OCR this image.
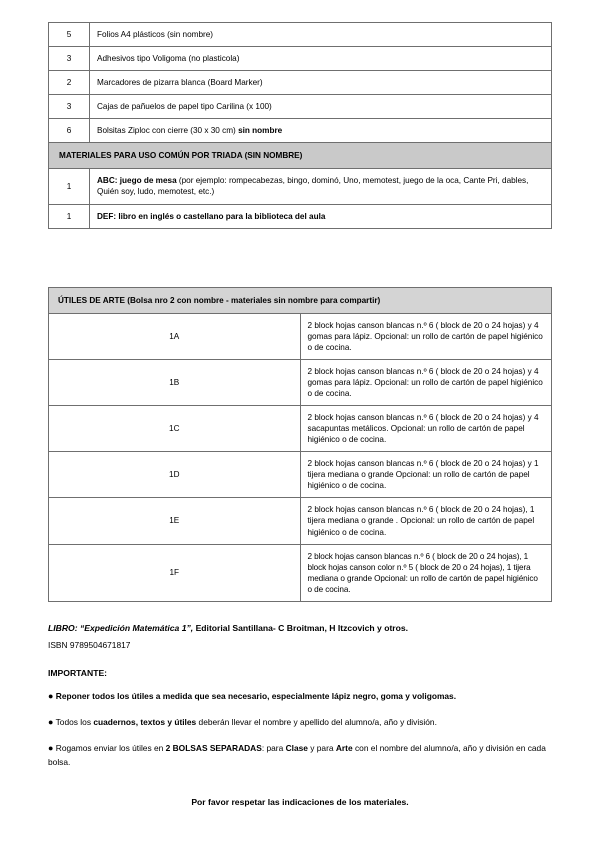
5	Folios A4 plásticos (sin nombre)
3	Adhesivos tipo Voligoma (no plasticola)
2	Marcadores de pizarra blanca (Board Marker)
3	Cajas de pañuelos de papel tipo Carilina (x 100)
6	Bolsitas Ziploc con cierre (30 x 30 cm) sin nombre
MATERIALES PARA USO COMÚN POR TRIADA (SIN NOMBRE)	
1	ABC: juego de mesa (por ejemplo: rompecabezas, bingo, dominó, Uno, memotest, juego de la oca, Cante Pri, dables, Quién soy, ludo, memotest, etc.)
1	DEF: libro en inglés o castellano para la biblioteca del aula
ÚTILES DE ARTE (Bolsa nro 2 con nombre - materiales sin nombre para compartir)	
1A	2 block hojas canson blancas n.º 6 ( block de 20 o 24 hojas) y 4 gomas para lápiz. Opcional: un rollo de cartón de papel higiénico o de cocina.
1B	2 block hojas canson blancas n.º 6 ( block de 20 o 24 hojas) y 4 gomas para lápiz. Opcional: un rollo de cartón de papel higiénico o de cocina.
1C	2 block hojas canson blancas n.º 6 ( block de 20 o 24 hojas) y 4 sacapuntas metálicos. Opcional: un rollo de cartón de papel higiénico o de cocina.
1D	2 block hojas canson blancas n.º 6 ( block de 20 o 24 hojas) y 1 tijera mediana o grande Opcional: un rollo de cartón de papel higiénico o de cocina.
1E	2 block hojas canson blancas n.º 6 ( block de 20 o 24 hojas), 1 tijera mediana o grande . Opcional: un rollo de cartón de papel higiénico o de cocina.
1F	2 block hojas canson blancas n.º 6 ( block de 20 o 24 hojas), 1 block hojas canson color n.º 5 ( block de 20 o 24 hojas), 1 tijera mediana o grande Opcional: un rollo de cartón de papel higiénico o de cocina.
LIBRO: “Expedición Matemática 1”, Editorial Santillana- C Broitman, H Itzcovich y otros.
ISBN 9789504671817
IMPORTANTE:
● Reponer todos los útiles a medida que sea necesario, especialmente lápiz negro, goma y voligomas.
● Todos los cuadernos, textos y útiles deberán llevar el nombre y apellido del alumno/a, año y división.
● Rogamos enviar los útiles en 2 BOLSAS SEPARADAS: para Clase y para Arte con el nombre del alumno/a, año y división en cada bolsa.
Por favor respetar las indicaciones de los materiales.
